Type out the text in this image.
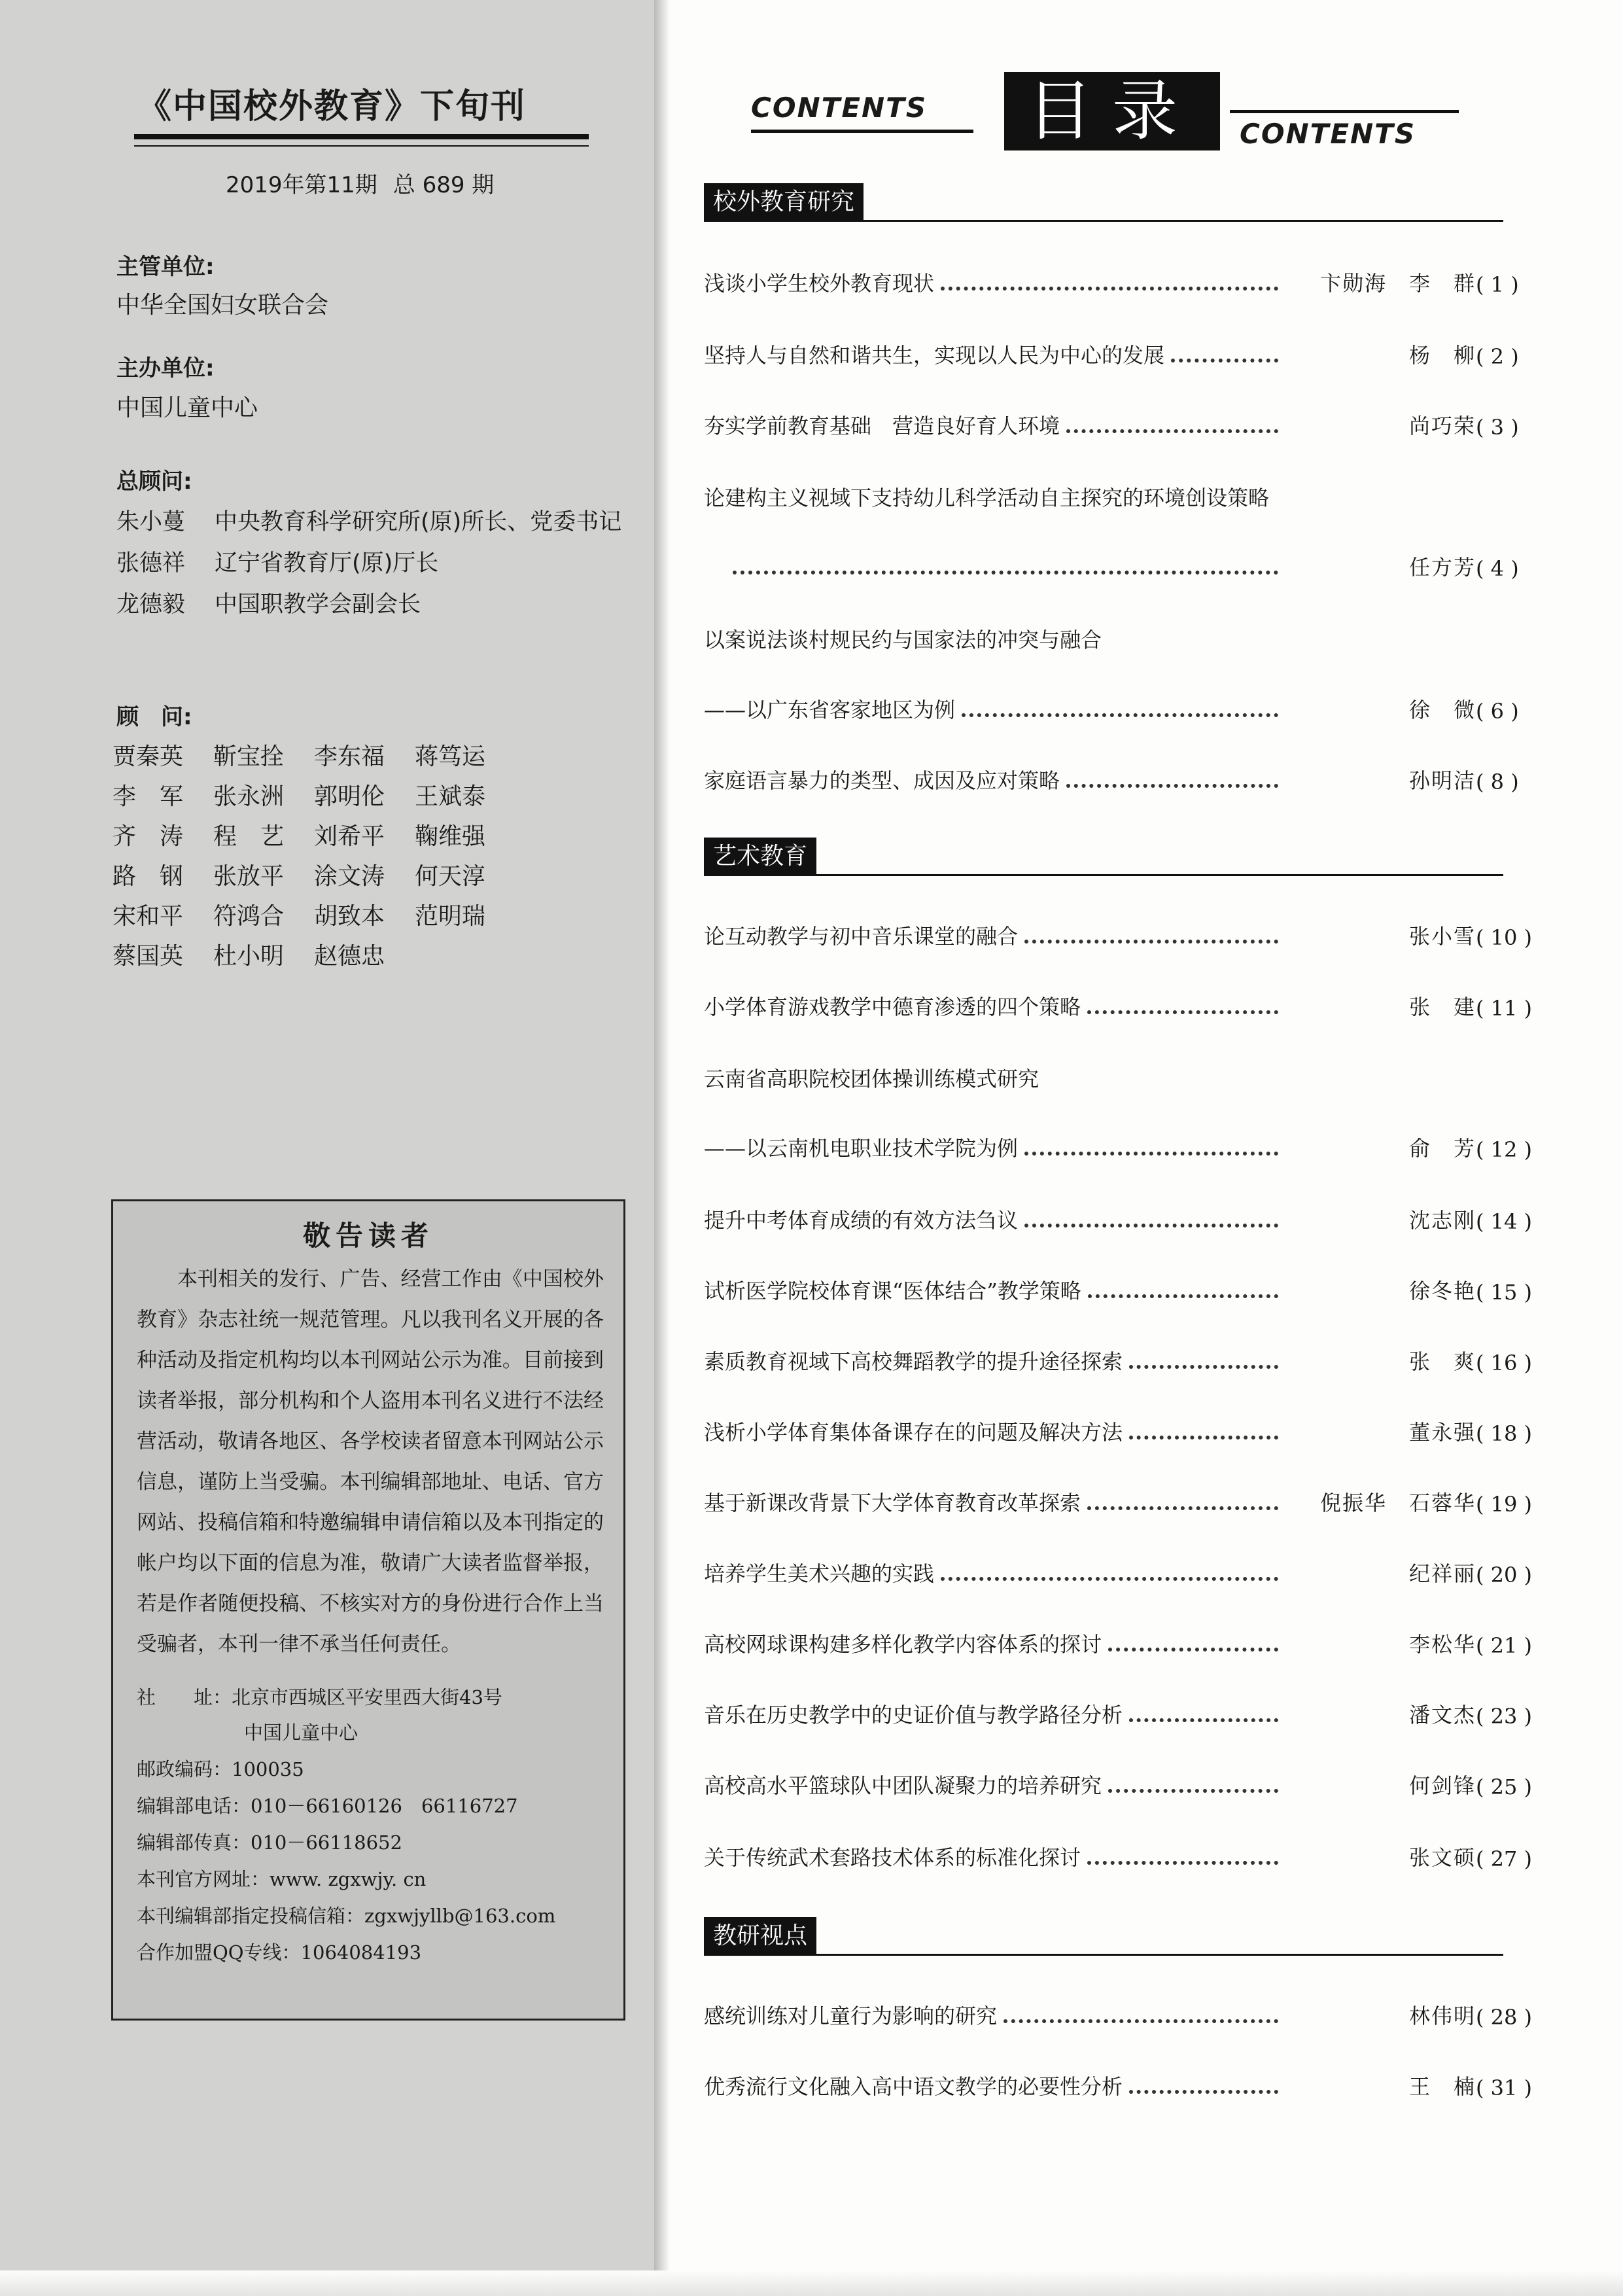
《中国校外教育》下旬刊
2019年第11期 总 689 期
主管单位:
中华全国妇女联合会
主办单位:
中国儿童中心
总顾问:
朱小蔓 中央教育科学研究所(原)所长、党委书记
张德祥 辽宁省教育厅(原)厅长
龙德毅 中国职教学会副会长
顾　问:
贾秦英 靳宝拴 李东福 蒋笃运
李　军 张永洲 郭明伦 王斌泰
齐　涛 程　艺 刘希平 鞠维强
路　钢 张放平 涂文涛 何天淳
宋和平 符鸿合 胡致本 范明瑞
蔡国英 杜小明 赵德忠
敬告读者

本刊相关的发行、广告、经营工作由《中国校外教育》杂志社统一规范管理。凡以我刊名义开展的各种活动及指定机构均以本刊网站公示为准。目前接到读者举报，部分机构和个人盗用本刊名义进行不法经营活动，敬请各地区、各学校读者留意本刊网站公示信息，谨防上当受骗。本刊编辑部地址、电话、官方网站、投稿信箱和特邀编辑申请信箱以及本刊指定的帐户均以下面的信息为准，敬请广大读者监督举报，若是作者随便投稿、不核实对方的身份进行合作上当受骗者，本刊一律不承当任何责任。

社　　址：北京市西城区平安里西大街43号
中国儿童中心
邮政编码：100035
编辑部电话：010－66160126　66116727
编辑部传真：010－66118652
本刊官方网址：www. zgxwjy. cn
本刊编辑部指定投稿信箱：zgxwjyllb@163.com
合作加盟QQ专线：1064084193
CONTENTS	目录	CONTENTS
校外教育研究
浅谈小学生校外教育现状	卞勋海　李　群 ( 1 )
坚持人与自然和谐共生，实现以人民为中心的发展	杨　柳 ( 2 )
夯实学前教育基础　营造良好育人环境	尚巧荣 ( 3 )
论建构主义视域下支持幼儿科学活动自主探究的环境创设策略
任方芳 ( 4 )
以案说法谈村规民约与国家法的冲突与融合
——以广东省客家地区为例	徐　微 ( 6 )
家庭语言暴力的类型、成因及应对策略	孙明洁 ( 8 )
艺术教育
论互动教学与初中音乐课堂的融合	张小雪 ( 10 )
小学体育游戏教学中德育渗透的四个策略	张　建 ( 11 )
云南省高职院校团体操训练模式研究
——以云南机电职业技术学院为例	俞　芳 ( 12 )
提升中考体育成绩的有效方法刍议	沈志刚 ( 14 )
试析医学院校体育课“医体结合”教学策略	徐冬艳 ( 15 )
素质教育视域下高校舞蹈教学的提升途径探索	张　爽 ( 16 )
浅析小学体育集体备课存在的问题及解决方法	董永强 ( 18 )
基于新课改背景下大学体育教育改革探索	倪振华　石蓉华 ( 19 )
培养学生美术兴趣的实践	纪祥丽 ( 20 )
高校网球课构建多样化教学内容体系的探讨	李松华 ( 21 )
音乐在历史教学中的史证价值与教学路径分析	潘文杰 ( 23 )
高校高水平篮球队中团队凝聚力的培养研究	何剑锋 ( 25 )
关于传统武术套路技术体系的标准化探讨	张文硕 ( 27 )
教研视点
感统训练对儿童行为影响的研究	林伟明 ( 28 )
优秀流行文化融入高中语文教学的必要性分析	王　楠 ( 31 )
